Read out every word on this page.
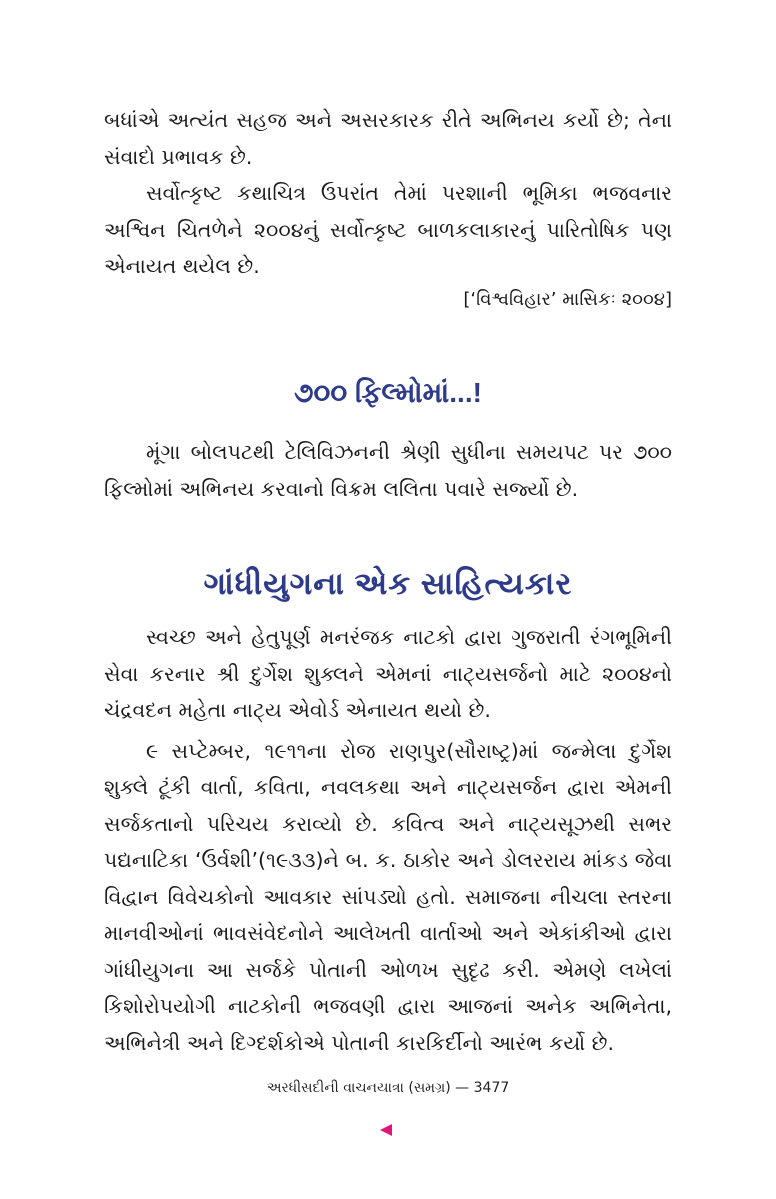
બધાંએ અત્યંત સહજ અને અસરકારક રીતે અભિનય કર્યો છે; તેના સંવાદો પ્રભાવક છે.

સર્વોત્કૃષ્ટ કથાચિત્ર ઉપરાંત તેમાં પરશાની ભૂમિકા ભજવનાર અશ્વિન ચિતળેને ૨૦૦૪નું સર્વોત્કૃષ્ટ બાળકલાકારનું પારિતોષિક પણ એનાયત થયેલ છે.

[‘વિશ્વવિહાર’ માસિકઃ ૨૦૦૪]
૭૦૦ ફિલ્મોમાં...!

મૂંગા બોલપટથી ટેલિવિઝનની શ્રેણી સુધીના સમયપટ પર ૭૦૦ ફિલ્મોમાં અભિનય કરવાનો વિક્રમ લલિતા પવારે સર્જ્યો છે.

ગાંધીયુગના એક સાહિત્યકાર

સ્વચ્છ અને હેતુપૂર્ણ મનરંજક નાટકો દ્વારા ગુજરાતી રંગભૂમિની સેવા કરનાર શ્રી દુર્ગેશ શુક્લને એમનાં નાટ્યસર્જનો માટે ૨૦૦૪નો ચંદ્રવદન મહેતા નાટ્ય એવોર્ડ એનાયત થયો છે.

૯ સપ્ટેમ્બર, ૧૯૧૧ના રોજ રાણપુર(સૌરાષ્ટ્ર)માં જન્મેલા દુર્ગેશ શુક્લે ટૂંકી વાર્તા, કવિતા, નવલકથા અને નાટ્યસર્જન દ્વારા એમની સર્જકતાનો પરિચય કરાવ્યો છે. કવિત્વ અને નાટ્યસૂઝથી સભર પદ્યનાટિકા ‘ઉર્વશી’(૧૯૩૩)ને બ. ક. ઠાકોર અને ડોલરરાય માંકડ જેવા વિદ્વાન વિવેચકોનો આવકાર સાંપડ્યો હતો. સમાજના નીચલા સ્તરના માનવીઓનાં ભાવસંવેદનોને આલેખતી વાર્તાઓ અને એકાંકીઓ દ્વારા ગાંધીયુગના આ સર્જકે પોતાની ઓળખ સુદૃઢ કરી. એમણે લખેલાં કિશોરોપયોગી નાટકોની ભજવણી દ્વારા આજનાં અનેક અભિનેતા, અભિનેત્રી અને દિગ્દર્શકોએ પોતાની કારકિર્દીનો આરંભ કર્યો છે.

અરધીસદીની વાચનયાત્રા (સમગ્ર) — 3477
